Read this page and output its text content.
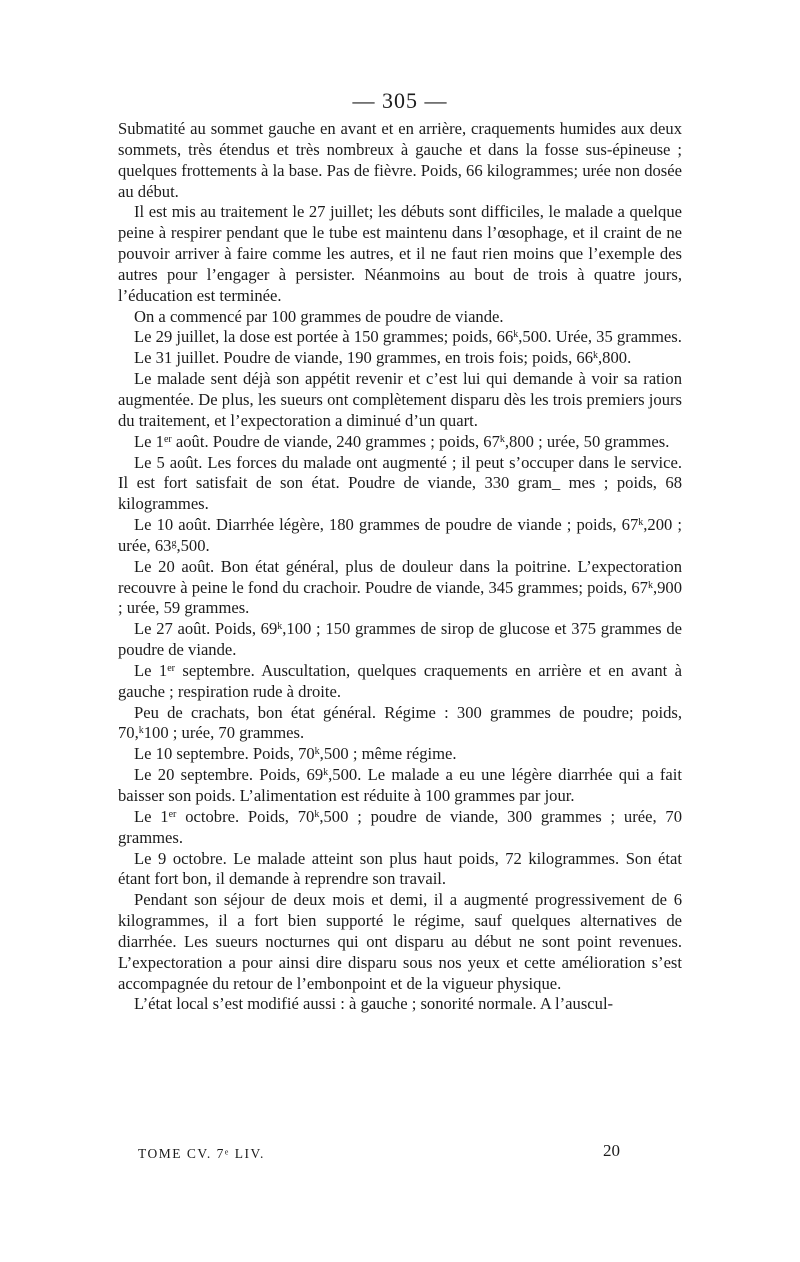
— 305 —

Submatité au sommet gauche en avant et en arrière, craquements humides aux deux sommets, très étendus et très nombreux à gauche et dans la fosse sus-épineuse ; quelques frottements à la base. Pas de fièvre. Poids, 66 kilogrammes; urée non dosée au début.

Il est mis au traitement le 27 juillet; les débuts sont difficiles, le malade a quelque peine à respirer pendant que le tube est maintenu dans l’œsophage, et il craint de ne pouvoir arriver à faire comme les autres, et il ne faut rien moins que l’exemple des autres pour l’engager à persister. Néanmoins au bout de trois à quatre jours, l’éducation est terminée.

On a commencé par 100 grammes de poudre de viande.

Le 29 juillet, la dose est portée à 150 grammes; poids, 66$^k$,500. Urée, 35 grammes.

Le 31 juillet. Poudre de viande, 190 grammes, en trois fois; poids, 66$^k$,800.

Le malade sent déjà son appétit revenir et c’est lui qui demande à voir sa ration augmentée. De plus, les sueurs ont complètement disparu dès les trois premiers jours du traitement, et l’expectoration a diminué d’un quart.

Le 1er août. Poudre de viande, 240 grammes ; poids, 67$^k$,800 ; urée, 50 grammes.

Le 5 août. Les forces du malade ont augmenté ; il peut s’occuper dans le service. Il est fort satisfait de son état. Poudre de viande, 330 gram_ mes ; poids, 68 kilogrammes.

Le 10 août. Diarrhée légère, 180 grammes de poudre de viande ; poids, 67$^k$,200 ; urée, 63$^g$,500.

Le 20 août. Bon état général, plus de douleur dans la poitrine. L’expectoration recouvre à peine le fond du crachoir. Poudre de viande, 345 grammes; poids, 67$^k$,900 ; urée, 59 grammes.

Le 27 août. Poids, 69$^k$,100 ; 150 grammes de sirop de glucose et 375 grammes de poudre de viande.

Le 1er septembre. Auscultation, quelques craquements en arrière et en avant à gauche ; respiration rude à droite.

Peu de crachats, bon état général. Régime : 300 grammes de poudre; poids, 70,$^k$100 ; urée, 70 grammes.

Le 10 septembre. Poids, 70$^k$,500 ; même régime.

Le 20 septembre. Poids, 69$^k$,500. Le malade a eu une légère diarrhée qui a fait baisser son poids. L’alimentation est réduite à 100 grammes par jour.

Le 1er octobre. Poids, 70$^k$,500 ; poudre de viande, 300 grammes ; urée, 70 grammes.

Le 9 octobre. Le malade atteint son plus haut poids, 72 kilogrammes. Son état étant fort bon, il demande à reprendre son travail.

Pendant son séjour de deux mois et demi, il a augmenté progressivement de 6 kilogrammes, il a fort bien supporté le régime, sauf quelques alternatives de diarrhée. Les sueurs nocturnes qui ont disparu au début ne sont point revenues. L’expectoration a pour ainsi dire disparu sous nos yeux et cette amélioration s’est accompagnée du retour de l’embonpoint et de la vigueur physique.

L’état local s’est modifié aussi : à gauche ; sonorité normale. A l’auscul-

TOME CV. 7ᵉ LIV.	20
